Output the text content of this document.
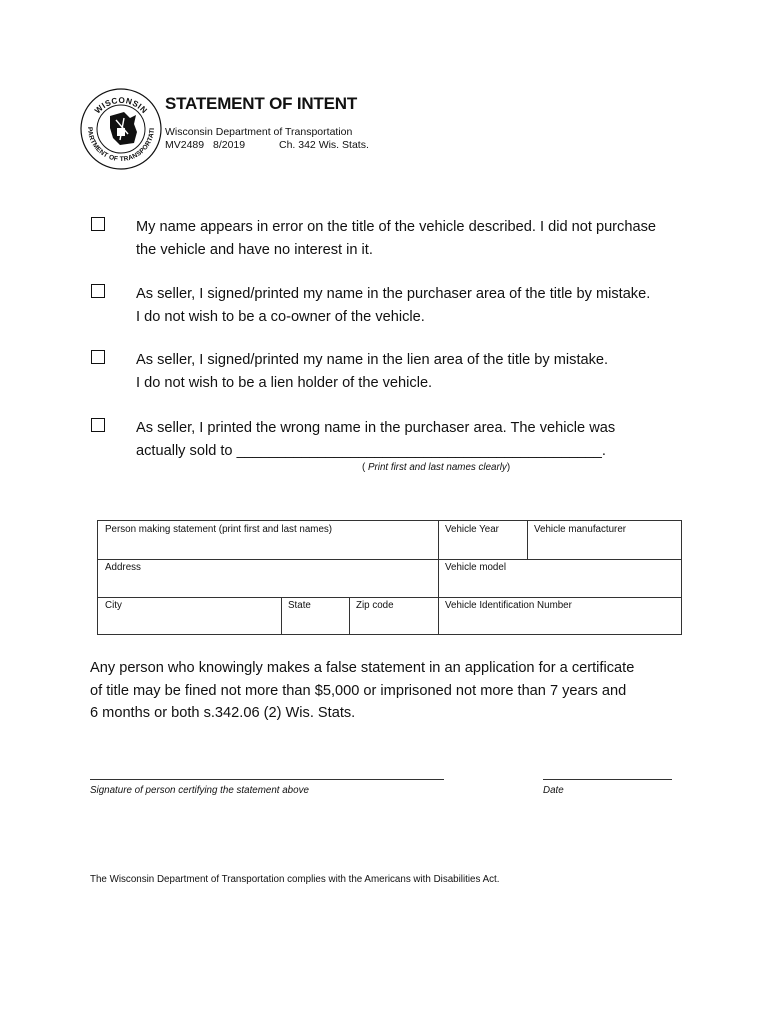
WISCONSIN
PARTMENT OF TRANSPORTATI
STATEMENT OF INTENT
Wisconsin Department of Transportation
MV2489 8/2019	Ch. 342 Wis. Stats.

My name appears in error on the title of the vehicle described. I did not purchase

the vehicle and have no interest in it.

As seller, I signed/printed my name in the purchaser area of the title by mistake.

I do not wish to be a co-owner of the vehicle.

As seller, I signed/printed my name in the lien area of the title by mistake.

I do not wish to be a lien holder of the vehicle.

As seller, I printed the wrong name in the purchaser area. The vehicle was

actually sold to _____________________________________________.

( Print first and last names clearly)
Person making statement (print first and last names)	Vehicle Year	Vehicle manufacturer
Address	Vehicle model
City	State	Zip code	Vehicle Identification Number

Any person who knowingly makes a false statement in an application for a certificate

of title may be fined not more than $5,000 or imprisoned not more than 7 years and

6 months or both s.342.06 (2) Wis. Stats.

Signature of person certifying the statement above	Date
The Wisconsin Department of Transportation complies with the Americans with Disabilities Act.
